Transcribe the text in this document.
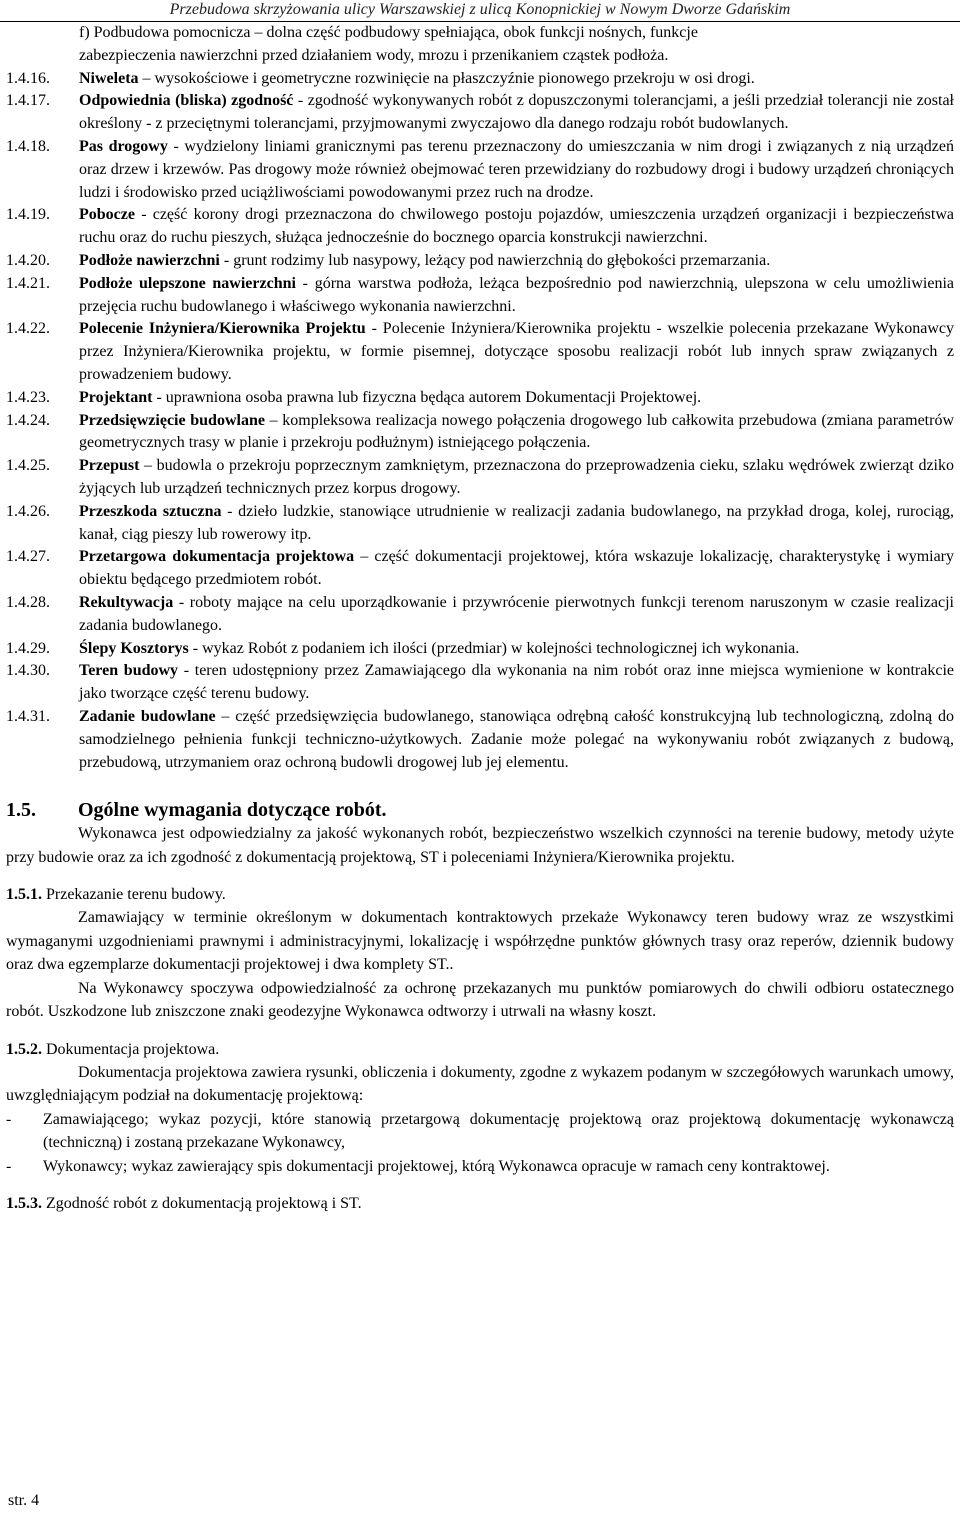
Przebudowa skrzyżowania ulicy Warszawskiej z ulicą Konopnickiej w Nowym Dworze Gdańskim
f) Podbudowa pomocnicza – dolna część podbudowy spełniająca, obok funkcji nośnych, funkcje
zabezpieczenia nawierzchni przed działaniem wody, mrozu i przenikaniem cząstek podłoża.
1.4.16.	Niweleta – wysokościowe i geometryczne rozwinięcie na płaszczyźnie pionowego przekroju w osi drogi.
1.4.17.	Odpowiednia (bliska) zgodność - zgodność wykonywanych robót z dopuszczonymi tolerancjami, a jeśli przedział tolerancji nie został określony - z przeciętnymi tolerancjami, przyjmowanymi zwyczajowo dla danego rodzaju robót budowlanych.
1.4.18.	Pas drogowy - wydzielony liniami granicznymi pas terenu przeznaczony do umieszczania w nim drogi i związanych z nią urządzeń oraz drzew i krzewów. Pas drogowy może również obejmować teren przewidziany do rozbudowy drogi i budowy urządzeń chroniących ludzi i środowisko przed uciążliwościami powodowanymi przez ruch na drodze.
1.4.19.	Pobocze - część korony drogi przeznaczona do chwilowego postoju pojazdów, umieszczenia urządzeń organizacji i bezpieczeństwa ruchu oraz do ruchu pieszych, służąca jednocześnie do bocznego oparcia konstrukcji nawierzchni.
1.4.20.	Podłoże nawierzchni - grunt rodzimy lub nasypowy, leżący pod nawierzchnią do głębokości przemarzania.
1.4.21.	Podłoże ulepszone nawierzchni - górna warstwa podłoża, leżąca bezpośrednio pod nawierzchnią, ulepszona w celu umożliwienia przejęcia ruchu budowlanego i właściwego wykonania nawierzchni.
1.4.22.	Polecenie Inżyniera/Kierownika Projektu - Polecenie Inżyniera/Kierownika projektu - wszelkie polecenia przekazane Wykonawcy przez Inżyniera/Kierownika projektu, w formie pisemnej, dotyczące sposobu realizacji robót lub innych spraw związanych z prowadzeniem budowy.
1.4.23.	Projektant - uprawniona osoba prawna lub fizyczna będąca autorem Dokumentacji Projektowej.
1.4.24.	Przedsięwzięcie budowlane – kompleksowa realizacja nowego połączenia drogowego lub całkowita przebudowa (zmiana parametrów geometrycznych trasy w planie i przekroju podłużnym) istniejącego połączenia.
1.4.25.	Przepust – budowla o przekroju poprzecznym zamkniętym, przeznaczona do przeprowadzenia cieku, szlaku wędrówek zwierząt dziko żyjących lub urządzeń technicznych przez korpus drogowy.
1.4.26.	Przeszkoda sztuczna - dzieło ludzkie, stanowiące utrudnienie w realizacji zadania budowlanego, na przykład droga, kolej, rurociąg, kanał, ciąg pieszy lub rowerowy itp.
1.4.27.	Przetargowa dokumentacja projektowa – część dokumentacji projektowej, która wskazuje lokalizację, charakterystykę i wymiary obiektu będącego przedmiotem robót.
1.4.28.	Rekultywacja - roboty mające na celu uporządkowanie i przywrócenie pierwotnych funkcji terenom naruszonym w czasie realizacji zadania budowlanego.
1.4.29.	Ślepy Kosztorys - wykaz Robót z podaniem ich ilości (przedmiar) w kolejności technologicznej ich wykonania.
1.4.30.	Teren budowy - teren udostępniony przez Zamawiającego dla wykonania na nim robót oraz inne miejsca wymienione w kontrakcie jako tworzące część terenu budowy.
1.4.31.	Zadanie budowlane – część przedsięwzięcia budowlanego, stanowiąca odrębną całość konstrukcyjną lub technologiczną, zdolną do samodzielnego pełnienia funkcji techniczno-użytkowych. Zadanie może polegać na wykonywaniu robót związanych z budową, przebudową, utrzymaniem oraz ochroną budowli drogowej lub jej elementu.
1.5. Ogólne wymagania dotyczące robót.
Wykonawca jest odpowiedzialny za jakość wykonanych robót, bezpieczeństwo wszelkich czynności na terenie budowy, metody użyte przy budowie oraz za ich zgodność z dokumentacją projektową, ST i poleceniami Inżyniera/Kierownika projektu.
1.5.1. Przekazanie terenu budowy.
Zamawiający w terminie określonym w dokumentach kontraktowych przekaże Wykonawcy teren budowy wraz ze wszystkimi wymaganymi uzgodnieniami prawnymi i administracyjnymi, lokalizację i współrzędne punktów głównych trasy oraz reperów, dziennik budowy oraz dwa egzemplarze dokumentacji projektowej i dwa komplety ST..
Na Wykonawcy spoczywa odpowiedzialność za ochronę przekazanych mu punktów pomiarowych do chwili odbioru ostatecznego robót. Uszkodzone lub zniszczone znaki geodezyjne Wykonawca odtworzy i utrwali na własny koszt.
1.5.2. Dokumentacja projektowa.
Dokumentacja projektowa zawiera rysunki, obliczenia i dokumenty, zgodne z wykazem podanym w szczegółowych warunkach umowy, uwzględniającym podział na dokumentację projektową:
-	Zamawiającego; wykaz pozycji, które stanowią przetargową dokumentację projektową oraz projektową dokumentację wykonawczą (techniczną) i zostaną przekazane Wykonawcy,
-	Wykonawcy; wykaz zawierający spis dokumentacji projektowej, którą Wykonawca opracuje w ramach ceny kontraktowej.
1.5.3. Zgodność robót z dokumentacją projektową i ST.
str. 4
